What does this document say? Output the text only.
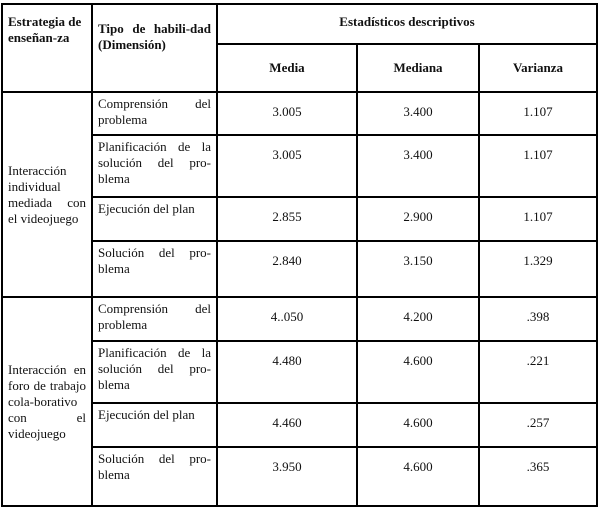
Estrategia de enseñan-za	Tipo de habili-dad (Dimensión)	Estadísticos descriptivos		
		Media	Mediana	Varianza
Interacción individual mediada con el videojuego	Comprensión del problema	3.005	3.400	1.107
	Planificación de la solución del pro-blema	3.005	3.400	1.107
	Ejecución del plan	2.855	2.900	1.107
	Solución del pro-blema	2.840	3.150	1.329
Interacción en foro de trabajo cola-borativo con el videojuego	Comprensión del problema	4..050	4.200	.398
	Planificación de la solución del pro-blema	4.480	4.600	.221
	Ejecución del plan	4.460	4.600	.257
	Solución del pro-blema	3.950	4.600	.365
